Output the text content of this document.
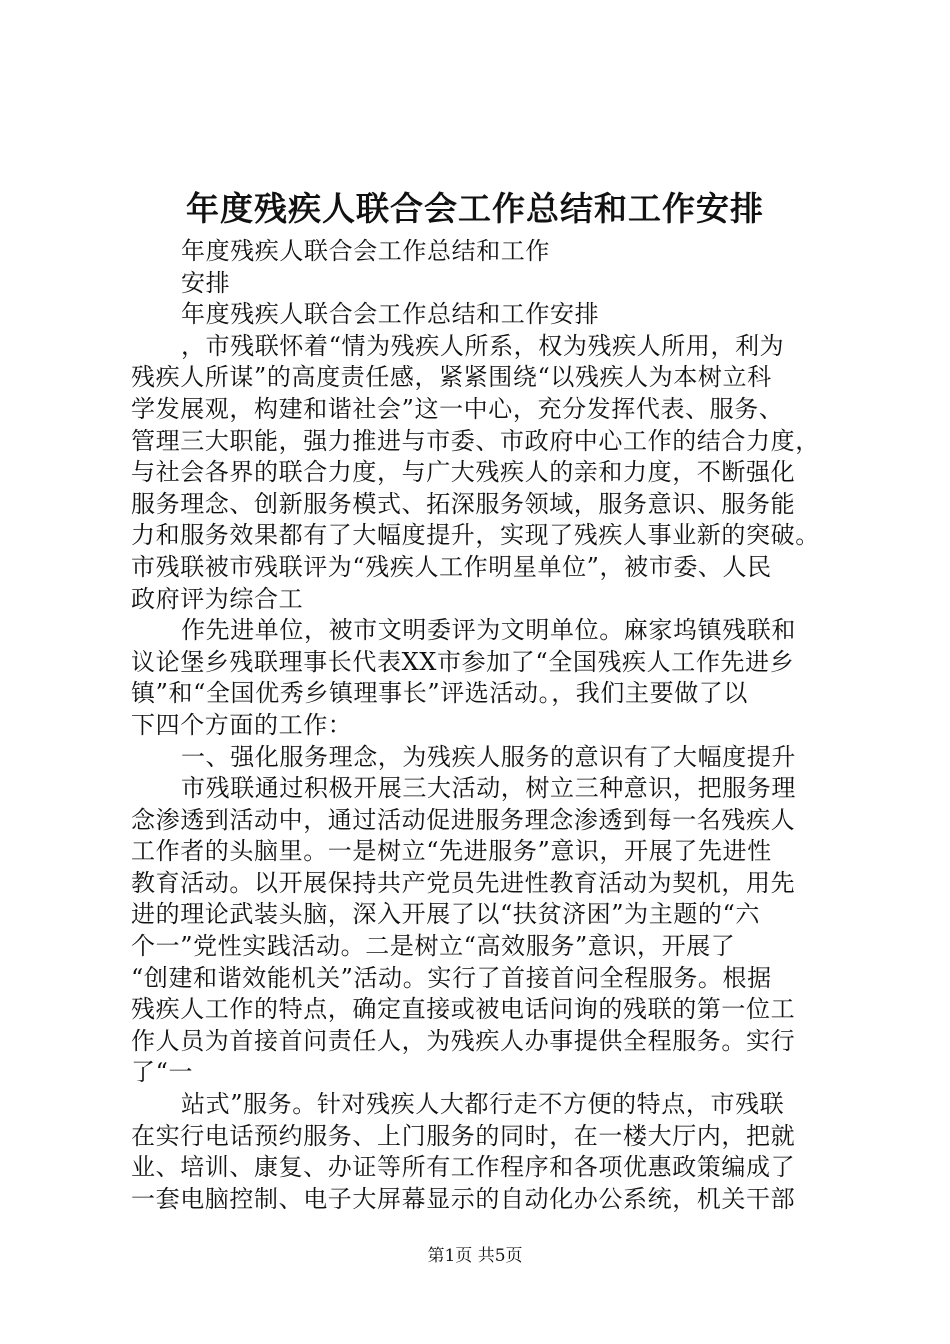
年度残疾人联合会工作总结和工作安排
年度残疾人联合会工作总结和工作
安排
年度残疾人联合会工作总结和工作安排
，市残联怀着“情为残疾人所系，权为残疾人所用，利为
残疾人所谋”的高度责任感，紧紧围绕“以残疾人为本树立科
学发展观，构建和谐社会”这一中心，充分发挥代表、服务、
管理三大职能，强力推进与市委、市政府中心工作的结合力度，
与社会各界的联合力度，与广大残疾人的亲和力度，不断强化
服务理念、创新服务模式、拓深服务领域，服务意识、服务能
力和服务效果都有了大幅度提升，实现了残疾人事业新的突破。
市残联被市残联评为“残疾人工作明星单位”，被市委、人民
政府评为综合工
作先进单位，被市文明委评为文明单位。麻家坞镇残联和
议论堡乡残联理事长代表XX市参加了“全国残疾人工作先进乡
镇”和“全国优秀乡镇理事长”评选活动。，我们主要做了以
下四个方面的工作：
一、强化服务理念，为残疾人服务的意识有了大幅度提升
市残联通过积极开展三大活动，树立三种意识，把服务理
念渗透到活动中，通过活动促进服务理念渗透到每一名残疾人
工作者的头脑里。一是树立“先进服务”意识，开展了先进性
教育活动。以开展保持共产党员先进性教育活动为契机，用先
进的理论武装头脑，深入开展了以“扶贫济困”为主题的“六
个一”党性实践活动。二是树立“高效服务”意识，开展了
“创建和谐效能机关”活动。实行了首接首问全程服务。根据
残疾人工作的特点，确定直接或被电话问询的残联的第一位工
作人员为首接首问责任人，为残疾人办事提供全程服务。实行
了“一
站式”服务。针对残疾人大都行走不方便的特点，市残联
在实行电话预约服务、上门服务的同时，在一楼大厅内，把就
业、培训、康复、办证等所有工作程序和各项优惠政策编成了
一套电脑控制、电子大屏幕显示的自动化办公系统，机关干部
第1页 共5页
